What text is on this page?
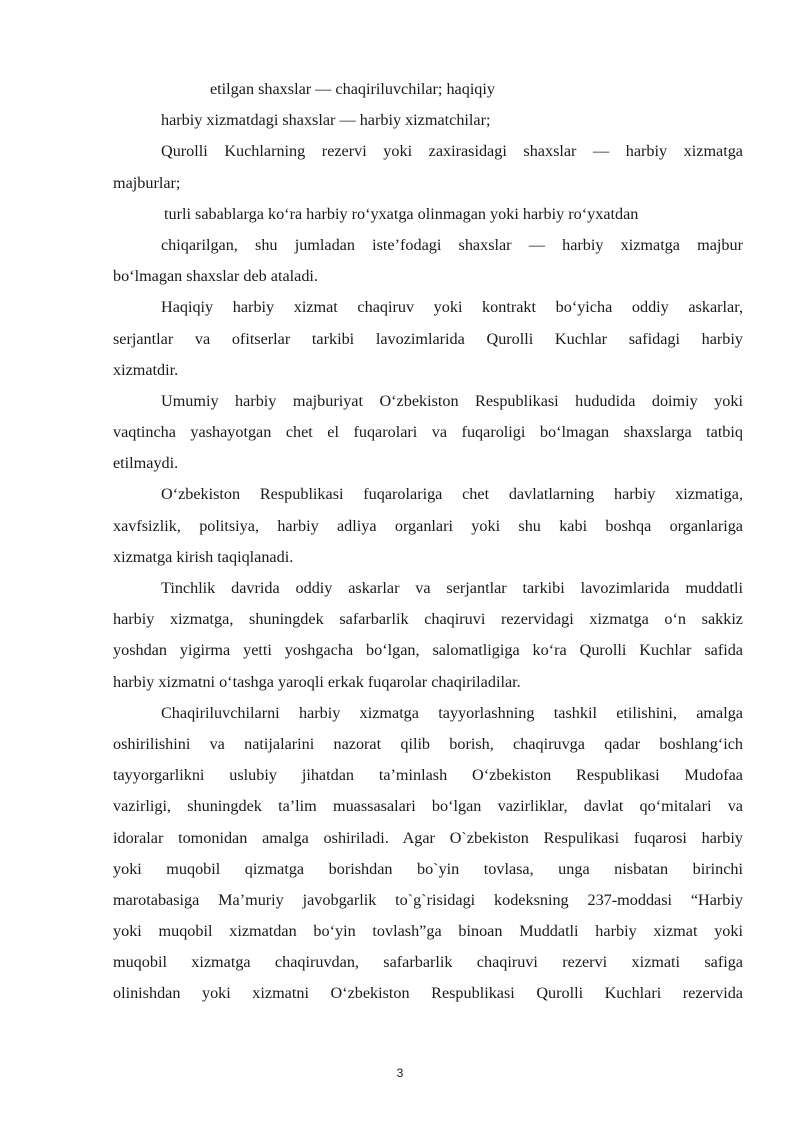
etilgan shaxslar — chaqiriluvchilar; haqiqiy
harbiy xizmatdagi shaxslar — harbiy xizmatchilar;
Qurolli Kuchlarning rezervi yoki zaxirasidagi shaxslar — harbiy xizmatga
majburlar;
turli sabablarga koʻra harbiy roʻyxatga olinmagan yoki harbiy roʻyxatdan
chiqarilgan, shu jumladan isteʼfodagi shaxslar — harbiy xizmatga majbur
boʻlmagan shaxslar deb ataladi.
Haqiqiy harbiy xizmat chaqiruv yoki kontrakt boʻyicha oddiy askarlar,
serjantlar va ofitserlar tarkibi lavozimlarida Qurolli Kuchlar safidagi harbiy
xizmatdir.
Umumiy harbiy majburiyat Oʻzbekiston Respublikasi hududida doimiy yoki
vaqtincha yashayotgan chet el fuqarolari va fuqaroligi boʻlmagan shaxslarga tatbiq
etilmaydi.
Oʻzbekiston Respublikasi fuqarolariga chet davlatlarning harbiy xizmatiga,
xavfsizlik, politsiya, harbiy adliya organlari yoki shu kabi boshqa organlariga
xizmatga kirish taqiqlanadi.
Tinchlik davrida oddiy askarlar va serjantlar tarkibi lavozimlarida muddatli
harbiy xizmatga, shuningdek safarbarlik chaqiruvi rezervidagi xizmatga oʻn sakkiz
yoshdan yigirma yetti yoshgacha boʻlgan, salomatligiga koʻra Qurolli Kuchlar safida
harbiy xizmatni oʻtashga yaroqli erkak fuqarolar chaqiriladilar.
Chaqiriluvchilarni harbiy xizmatga tayyorlashning tashkil etilishini, amalga
oshirilishini va natijalarini nazorat qilib borish, chaqiruvga qadar boshlangʻich
tayyorgarlikni uslubiy jihatdan taʼminlash Oʻzbekiston Respublikasi Mudofaa
vazirligi, shuningdek taʼlim muassasalari boʻlgan vazirliklar, davlat qoʻmitalari va
idoralar tomonidan amalga oshiriladi. Agar O`zbekiston Respulikasi fuqarosi harbiy
yoki muqobil qizmatga borishdan bo`yin tovlasa, unga nisbatan birinchi
marotabasiga Maʼmuriy javobgarlik to`g`risidagi kodeksning 237-moddasi “Harbiy
yoki muqobil xizmatdan boʻyin tovlash”ga binoan Muddatli harbiy xizmat yoki
muqobil xizmatga chaqiruvdan, safarbarlik chaqiruvi rezervi xizmati safiga
olinishdan yoki xizmatni Oʻzbekiston Respublikasi Qurolli Kuchlari rezervida
3
